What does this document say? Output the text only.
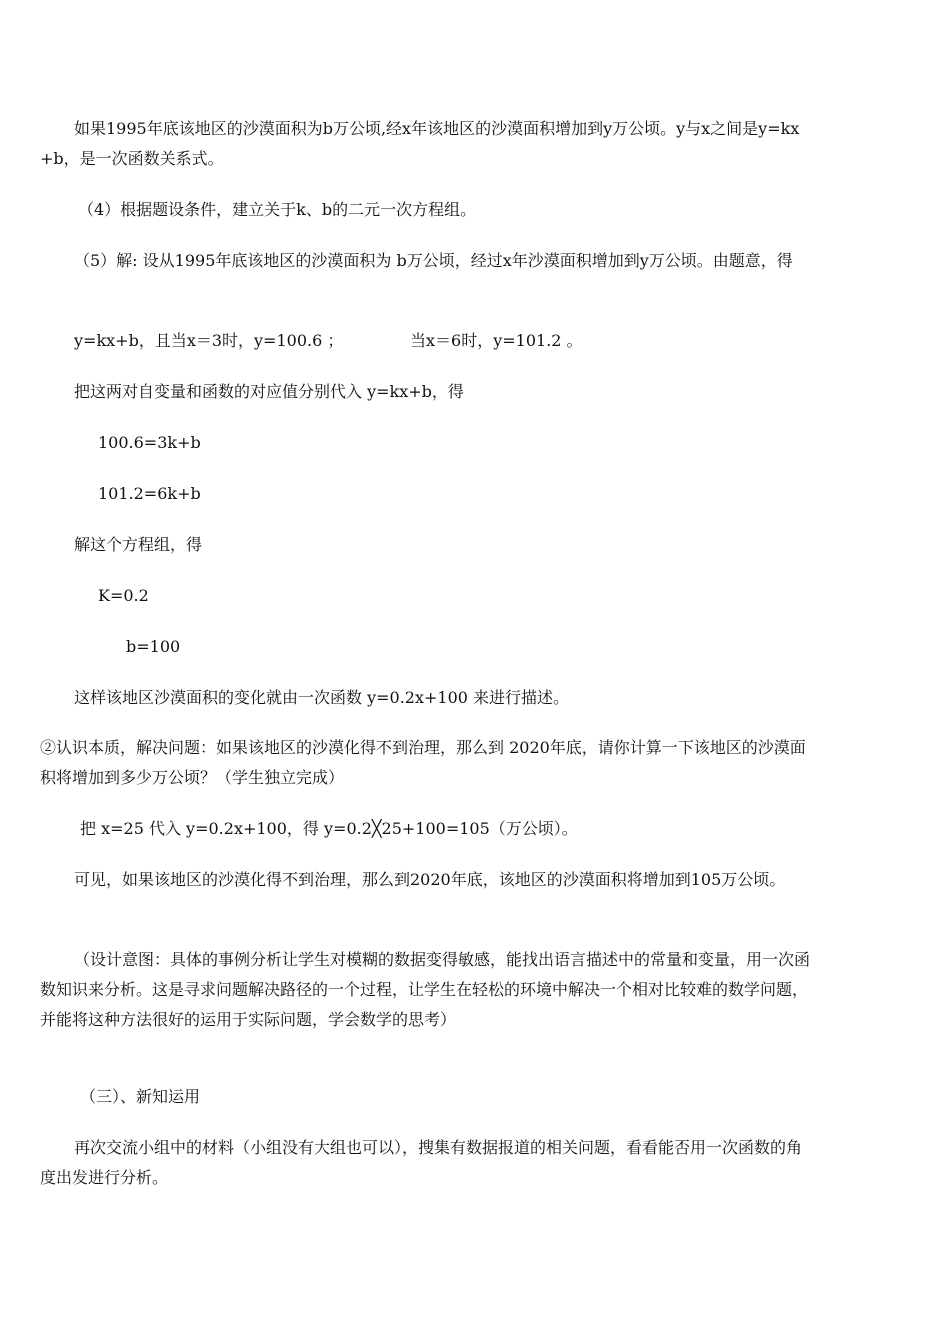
如果1995年底该地区的沙漠面积为b万公顷,经x年该地区的沙漠面积增加到y万公顷。y与x之间是y=kx+b，是一次函数关系式。

（4）根据题设条件，建立关于k、b的二元一次方程组。

（5）解: 设从1995年底该地区的沙漠面积为 b万公顷，经过x年沙漠面积增加到y万公顷。由题意，得

y=kx+b，且当x＝3时，y=100.6 ；	当x＝6时，y=101.2 。

把这两对自变量和函数的对应值分别代入 y=kx+b，得

100.6=3k+b

101.2=6k+b

解这个方程组，得

K=0.2

b=100

这样该地区沙漠面积的变化就由一次函数 y=0.2x+100 来进行描述。

②认识本质，解决问题：如果该地区的沙漠化得不到治理，那么到 2020年底，请你计算一下该地区的沙漠面积将增加到多少万公顷？（学生独立完成）

把 x=25 代入 y=0.2x+100，得 y=0.2╳25+100=105（万公顷）。

可见，如果该地区的沙漠化得不到治理，那么到2020年底，该地区的沙漠面积将增加到105万公顷。

（设计意图：具体的事例分析让学生对模糊的数据变得敏感，能找出语言描述中的常量和变量，用一次函数知识来分析。这是寻求问题解决路径的一个过程，让学生在轻松的环境中解决一个相对比较难的数学问题，并能将这种方法很好的运用于实际问题，学会数学的思考）

（三）、新知运用

再次交流小组中的材料（小组没有大组也可以），搜集有数据报道的相关问题，看看能否用一次函数的角度出发进行分析。
